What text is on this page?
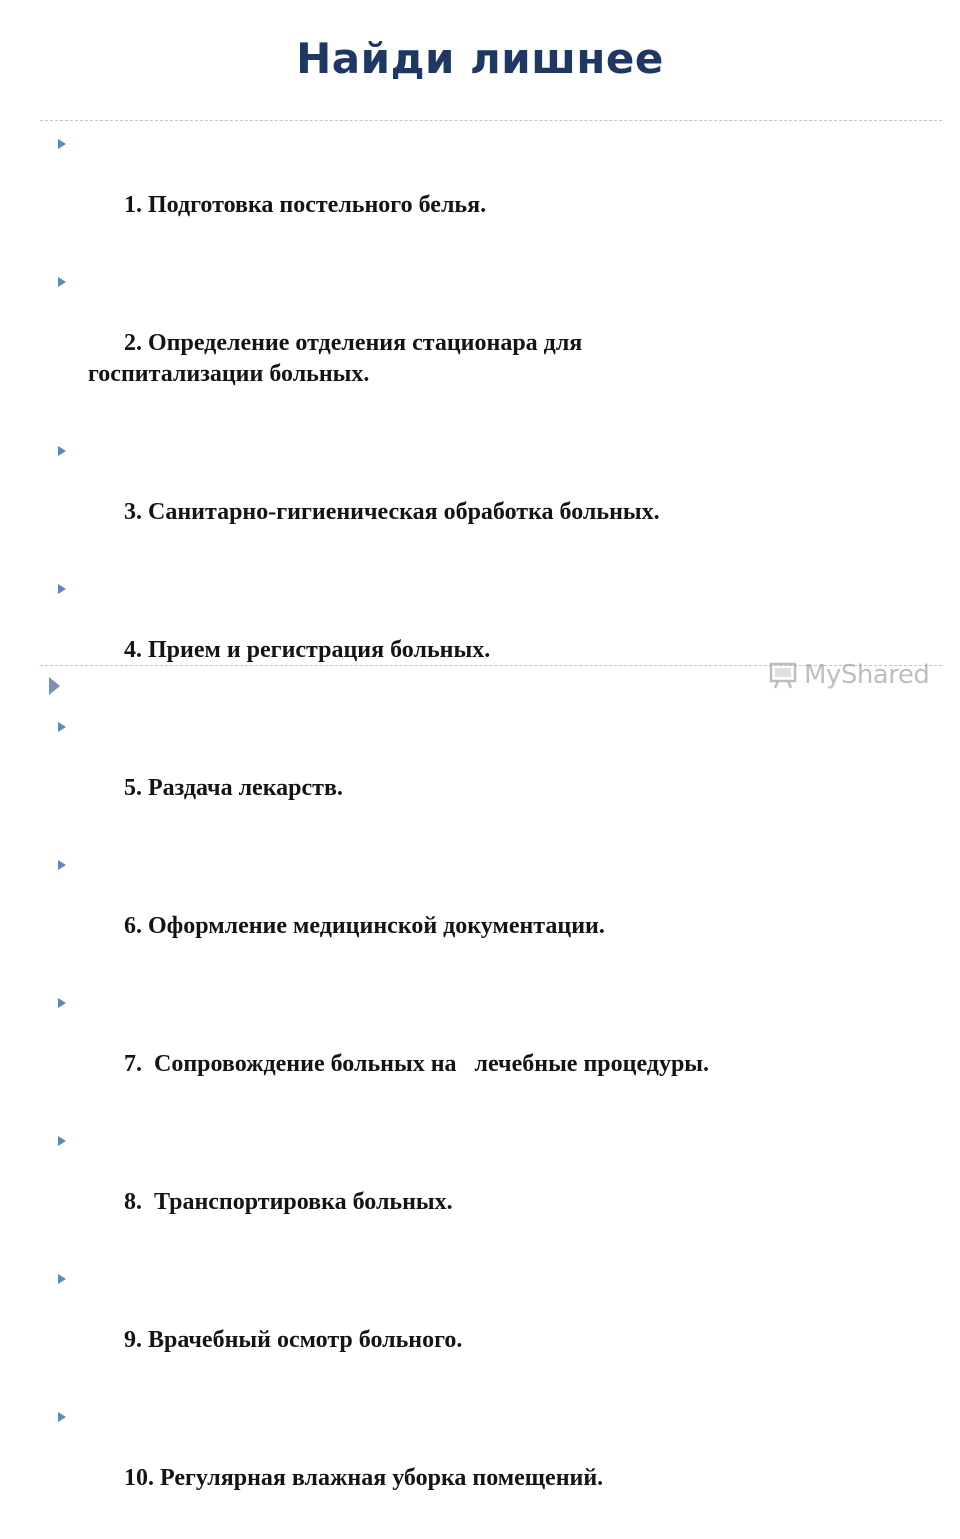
Найди лишнее

1. Подготовка постельного белья.

2. Определение отделения стационара для госпитализации больных.

3. Санитарно-гигиеническая обработка больных.

4. Прием и регистрация больных.

5. Раздача лекарств.

6. Оформление медицинской документации.

7.  Сопровождение больных на   лечебные процедуры.

8.  Транспортировка больных.

9. Врачебный осмотр больного.

10. Регулярная влажная уборка помещений.

MyShared
